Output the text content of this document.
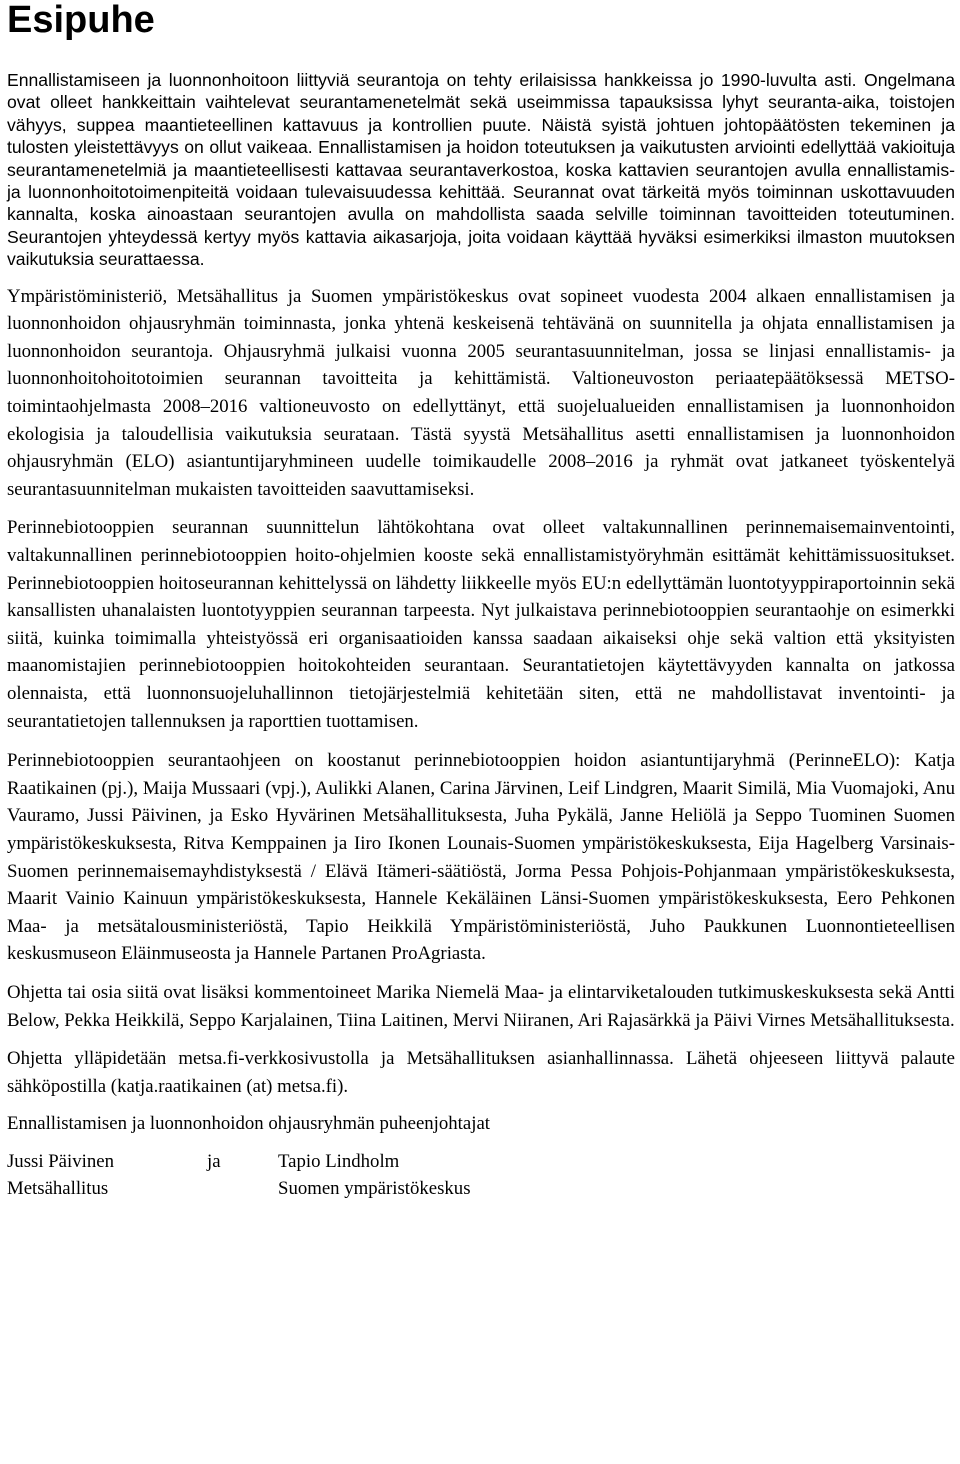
Esipuhe

Ennallistamiseen ja luonnonhoitoon liittyviä seurantoja on tehty erilaisissa hankkeissa jo 1990-luvulta asti. Ongelmana ovat olleet hankkeittain vaihtelevat seurantamenetelmät sekä useimmissa tapauksissa lyhyt seuranta-aika, toistojen vähyys, suppea maantieteellinen kattavuus ja kontrollien puute. Näistä syistä johtuen johtopäätösten tekeminen ja tulosten yleistettävyys on ollut vaikeaa. Ennallistamisen ja hoidon toteutuksen ja vaikutusten arviointi edellyttää vakioituja seurantamenetelmiä ja maantieteellisesti kattavaa seurantaverkostoa, koska kattavien seurantojen avulla ennallistamis- ja luonnonhoitotoimenpiteitä voidaan tulevaisuudessa kehittää. Seurannat ovat tärkeitä myös toiminnan uskottavuuden kannalta, koska ainoastaan seurantojen avulla on mahdollista saada selville toiminnan tavoitteiden toteutuminen. Seurantojen yhteydessä kertyy myös kattavia aikasarjoja, joita voidaan käyttää hyväksi esimerkiksi ilmaston muutoksen vaikutuksia seurattaessa.

Ympäristöministeriö, Metsähallitus ja Suomen ympäristökeskus ovat sopineet vuodesta 2004 alkaen ennallistamisen ja luonnonhoidon ohjausryhmän toiminnasta, jonka yhtenä keskeisenä tehtävänä on suunnitella ja ohjata ennallistamisen ja luonnonhoidon seurantoja. Ohjausryhmä julkaisi vuonna 2005 seurantasuunnitelman, jossa se linjasi ennallistamis- ja luonnonhoitohoitotoimien seurannan tavoitteita ja kehittämistä. Valtioneuvoston periaatepäätöksessä METSO-toimintaohjelmasta 2008–2016 valtioneuvosto on edellyttänyt, että suojelualueiden ennallistamisen ja luonnonhoidon ekologisia ja taloudellisia vaikutuksia seurataan. Tästä syystä Metsähallitus asetti ennallistamisen ja luonnonhoidon ohjausryhmän (ELO) asiantuntijaryhmineen uudelle toimikaudelle 2008–2016 ja ryhmät ovat jatkaneet työskentelyä seurantasuunnitelman mukaisten tavoitteiden saavuttamiseksi.

Perinnebiotooppien seurannan suunnittelun lähtökohtana ovat olleet valtakunnallinen perinnemaisemainventointi, valtakunnallinen perinnebiotooppien hoito-ohjelmien kooste sekä ennallistamistyöryhmän esittämät kehittämissuositukset. Perinnebiotooppien hoitoseurannan kehittelyssä on lähdetty liikkeelle myös EU:n edellyttämän luontotyyppiraportoinnin sekä kansallisten uhanalaisten luontotyyppien seurannan tarpeesta. Nyt julkaistava perinnebiotooppien seurantaohje on esimerkki siitä, kuinka toimimalla yhteistyössä eri organisaatioiden kanssa saadaan aikaiseksi ohje sekä valtion että yksityisten maanomistajien perinnebiotooppien hoitokohteiden seurantaan. Seurantatietojen käytettävyyden kannalta on jatkossa olennaista, että luonnonsuojeluhallinnon tietojärjestelmiä kehitetään siten, että ne mahdollistavat inventointi- ja seurantatietojen tallennuksen ja raporttien tuottamisen.

Perinnebiotooppien seurantaohjeen on koostanut perinnebiotooppien hoidon asiantuntijaryhmä (PerinneELO): Katja Raatikainen (pj.), Maija Mussaari (vpj.), Aulikki Alanen, Carina Järvinen, Leif Lindgren, Maarit Similä, Mia Vuomajoki, Anu Vauramo, Jussi Päivinen, ja Esko Hyvärinen Metsähallituksesta, Juha Pykälä, Janne Heliölä ja Seppo Tuominen Suomen ympäristökeskuksesta, Ritva Kemppainen ja Iiro Ikonen Lounais-Suomen ympäristökeskuksesta, Eija Hagelberg Varsinais-Suomen perinnemaisemayhdistyksestä / Elävä Itämeri-säätiöstä, Jorma Pessa Pohjois-Pohjanmaan ympäristökeskuksesta, Maarit Vainio Kainuun ympäristökeskuksesta, Hannele Kekäläinen Länsi-Suomen ympäristökeskuksesta, Eero Pehkonen Maa- ja metsätalousministeriöstä, Tapio Heikkilä Ympäristöministeriöstä, Juho Paukkunen Luonnontieteellisen keskusmuseon Eläinmuseosta ja Hannele Partanen ProAgriasta.

Ohjetta tai osia siitä ovat lisäksi kommentoineet Marika Niemelä Maa- ja elintarviketalouden tutkimuskeskuksesta sekä Antti Below, Pekka Heikkilä, Seppo Karjalainen, Tiina Laitinen, Mervi Niiranen, Ari Rajasärkkä ja Päivi Virnes Metsähallituksesta.

Ohjetta ylläpidetään metsa.fi-verkkosivustolla ja Metsähallituksen asianhallinnassa. Lähetä ohjeeseen liittyvä palaute sähköpostilla (katja.raatikainen (at) metsa.fi).

Ennallistamisen ja luonnonhoidon ohjausryhmän puheenjohtajat

Jussi Päivinen	ja	Tapio Lindholm
Metsähallitus	Suomen ympäristökeskus
